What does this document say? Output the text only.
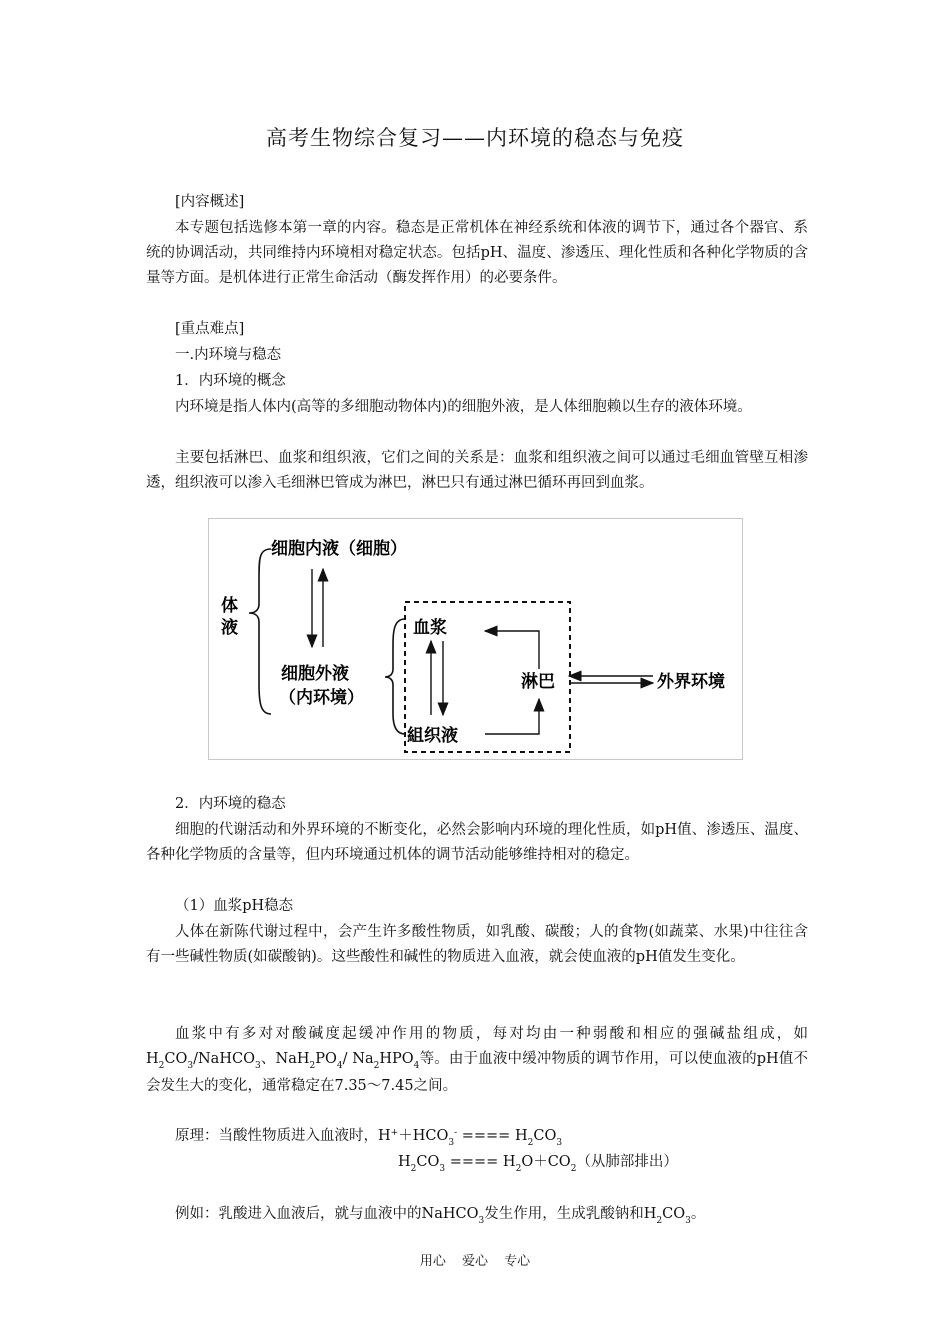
高考生物综合复习——内环境的稳态与免疫
[内容概述]
本专题包括选修本第一章的内容。稳态是正常机体在神经系统和体液的调节下，通过各个器官、系统的协调活动，共同维持内环境相对稳定状态。包括pH、温度、渗透压、理化性质和各种化学物质的含量等方面。是机体进行正常生命活动（酶发挥作用）的必要条件。
[重点难点]
一.内环境与稳态
1．内环境的概念
内环境是指人体内(高等的多细胞动物体内)的细胞外液，是人体细胞赖以生存的液体环境。
主要包括淋巴、血浆和组织液，它们之间的关系是：血浆和组织液之间可以通过毛细血管壁互相渗透，组织液可以渗入毛细淋巴管成为淋巴，淋巴只有通过淋巴循环再回到血浆。
体液
细胞内液（细胞）
细胞外液
（内环境）
血浆
淋巴
組织液
外界环境
2．内环境的稳态
细胞的代谢活动和外界环境的不断变化，必然会影响内环境的理化性质，如pH值、渗透压、温度、各种化学物质的含量等，但内环境通过机体的调节活动能够维持相对的稳定。
（1）血浆pH稳态
人体在新陈代谢过程中，会产生许多酸性物质，如乳酸、碳酸；人的食物(如蔬菜、水果)中往往含有一些碱性物质(如碳酸钠)。这些酸性和碱性的物质进入血液，就会使血液的pH值发生变化。
血浆中有多对对酸碱度起缓冲作用的物质，每对均由一种弱酸和相应的强碱盐组成，如$H_2CO_3/NaHCO_3$、$NaH_2PO_4/$ $Na_2HPO_4$等。由于血液中缓冲物质的调节作用，可以使血液的pH值不会发生大的变化，通常稳定在7.35～7.45之间。
原理：当酸性物质进入血液时，$H^++HCO_3^-$ ==== $H_2CO_3$
$H_2CO_3$ ==== $H_2O+CO_2$（从肺部排出）
例如：乳酸进入血液后，就与血液中的NaHCO$_3$发生作用，生成乳酸钠和$H_2CO_3$。
用心 爱心 专心
